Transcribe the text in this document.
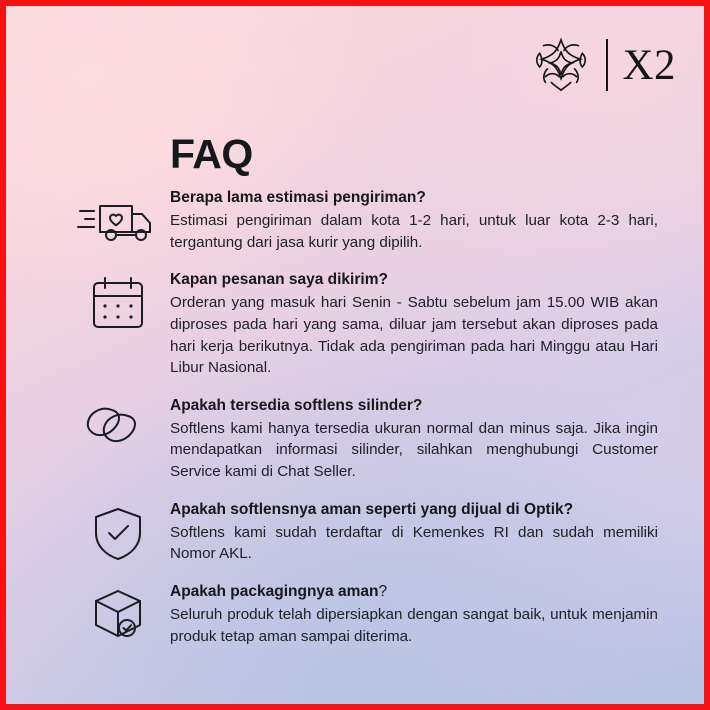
X2
FAQ

Berapa lama estimasi pengiriman?

Estimasi pengiriman dalam kota 1-2 hari, untuk luar kota 2-3 hari, tergantung dari jasa kurir yang dipilih.

Kapan pesanan saya dikirim?

Orderan yang masuk hari Senin - Sabtu sebelum jam 15.00 WIB akan diproses pada hari yang sama, diluar jam tersebut akan diproses pada hari kerja berikutnya. Tidak ada pengiriman pada hari Minggu atau Hari Libur Nasional.

Apakah tersedia softlens silinder?

Softlens kami hanya tersedia ukuran normal dan minus saja. Jika ingin mendapatkan informasi silinder, silahkan menghubungi Customer Service kami di Chat Seller.

Apakah softlensnya aman seperti yang dijual di Optik?

Softlens kami sudah terdaftar di Kemenkes RI dan sudah memiliki Nomor AKL.

Apakah packagingnya aman?

Seluruh produk telah dipersiapkan dengan sangat baik, untuk menjamin produk tetap aman sampai diterima.
